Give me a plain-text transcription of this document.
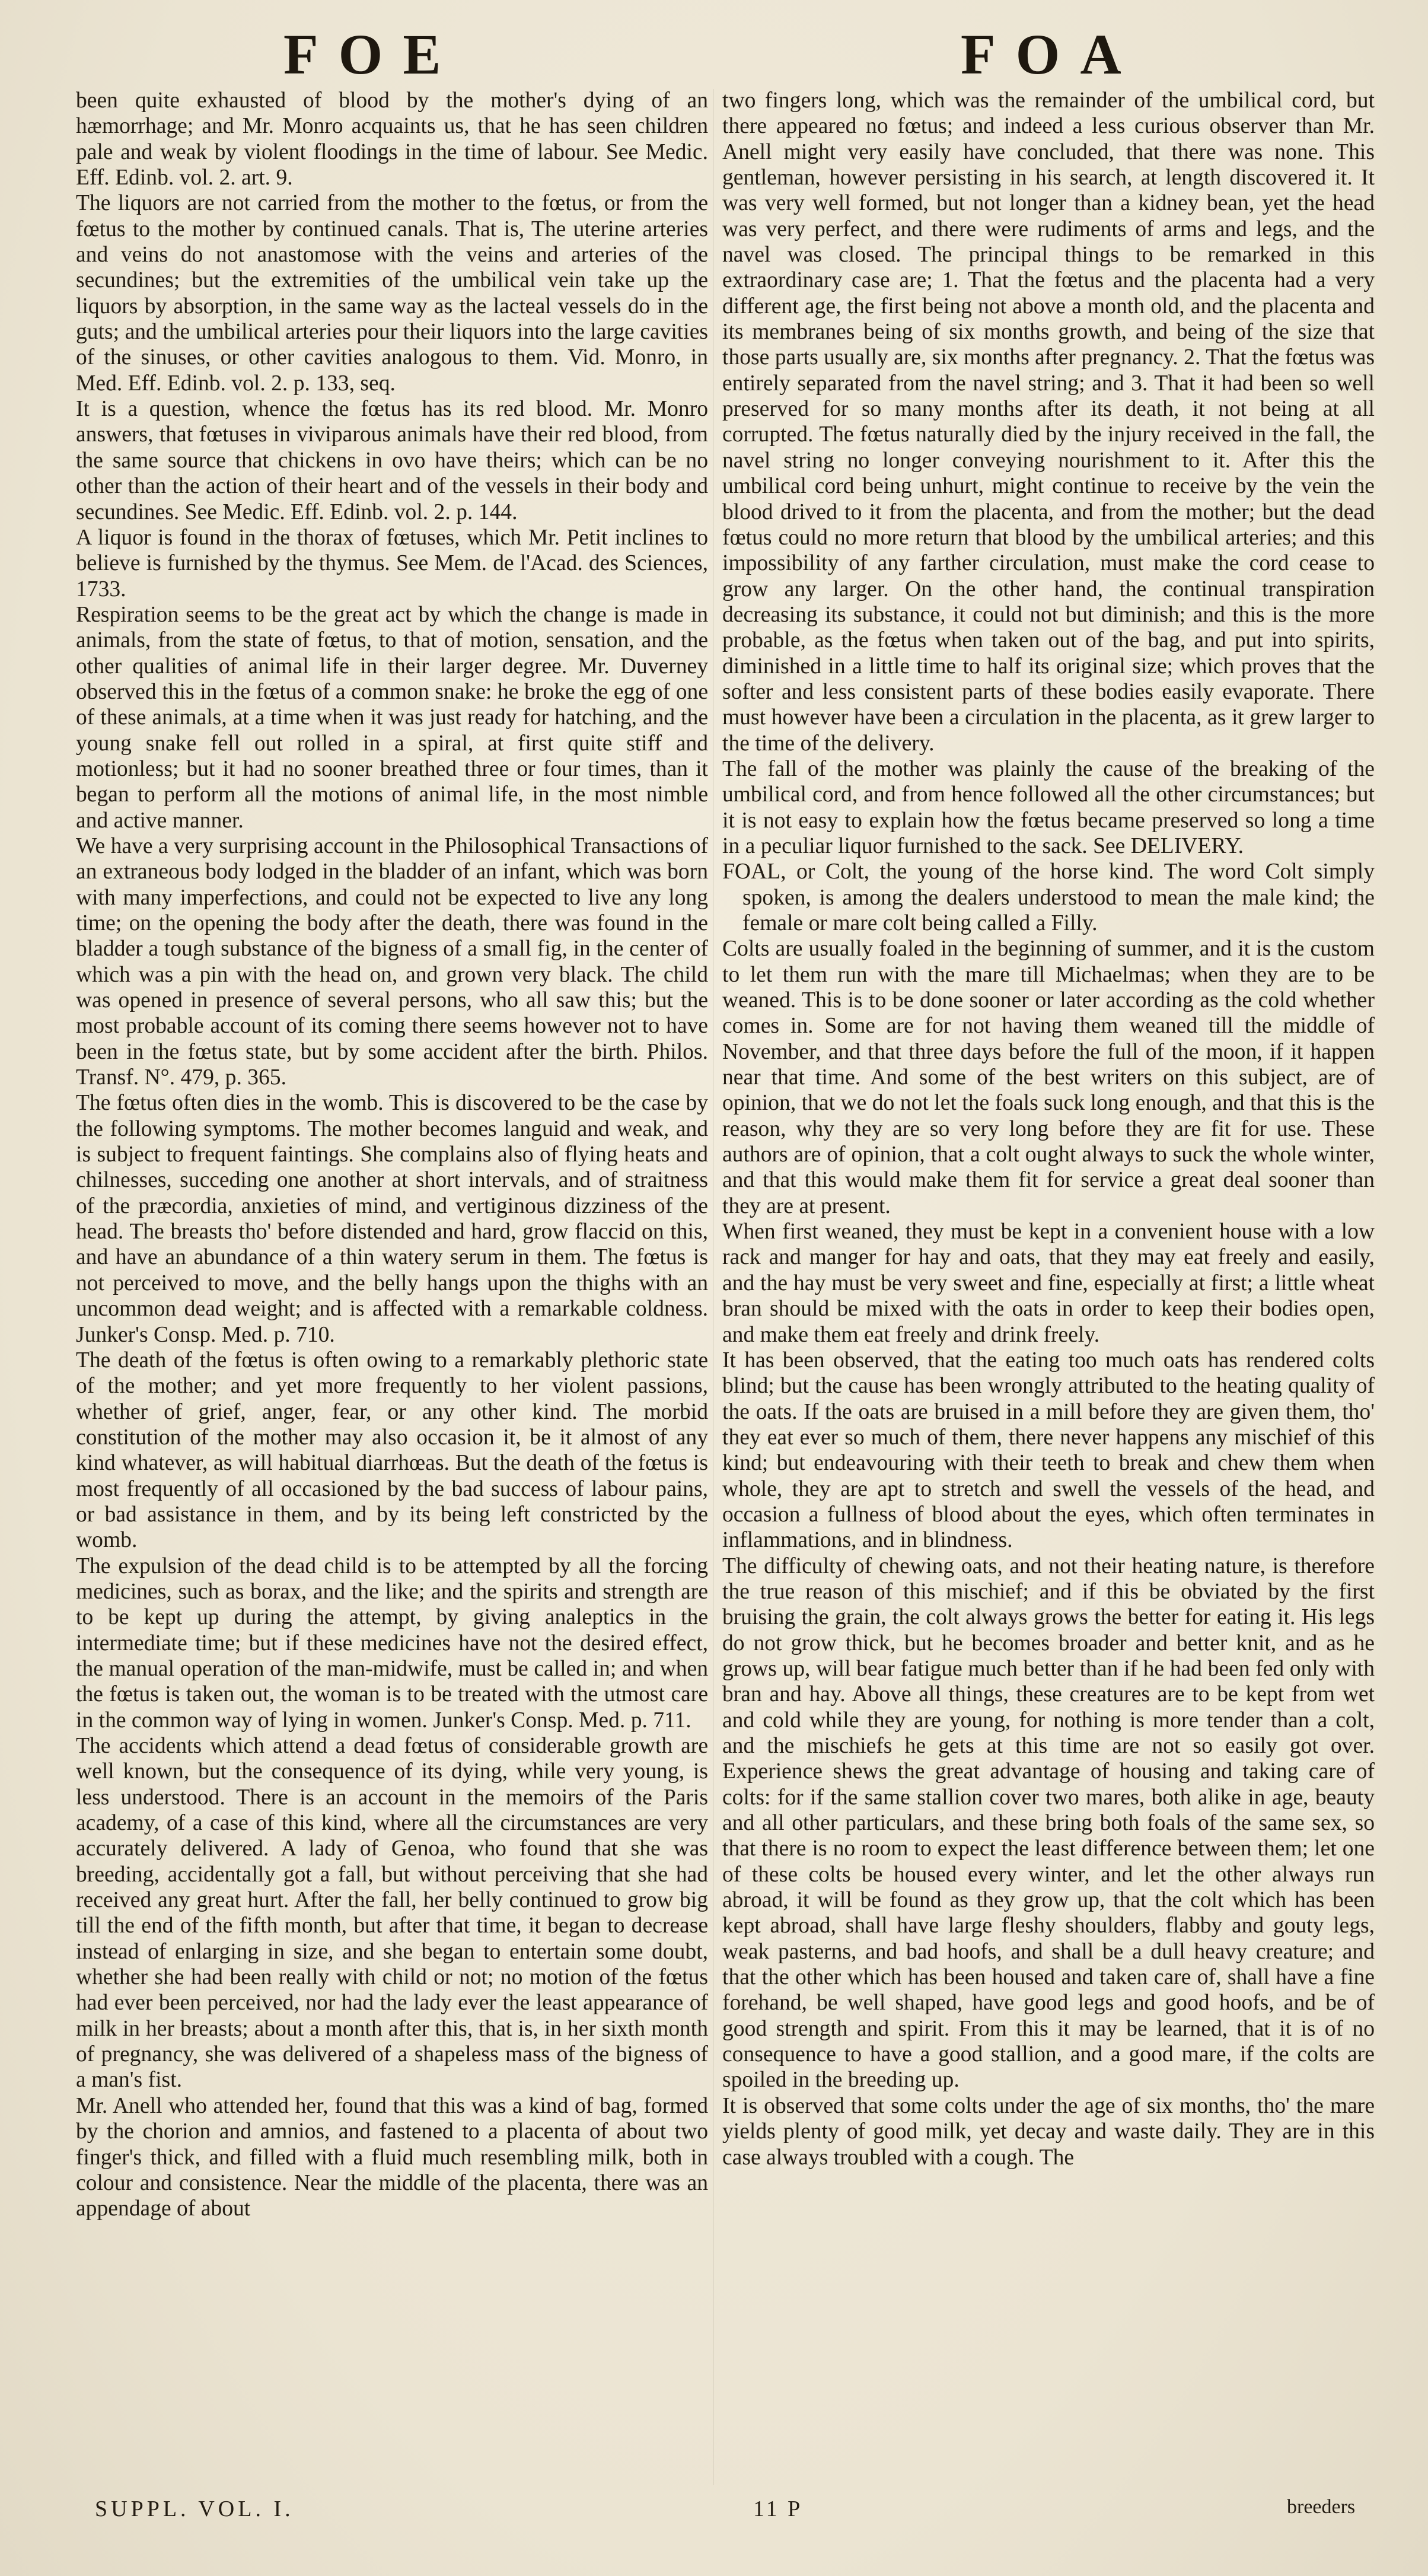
FOE	FOA

been quite exhausted of blood by the mother's dying of an hæmorrhage; and Mr. Monro acquaints us, that he has seen children pale and weak by violent floodings in the time of labour. See Medic. Eff. Edinb. vol. 2. art. 9.

The liquors are not carried from the mother to the fœtus, or from the fœtus to the mother by continued canals. That is, The uterine arteries and veins do not anastomose with the veins and arteries of the secundines; but the extremities of the umbilical vein take up the liquors by absorption, in the same way as the lacteal vessels do in the guts; and the umbilical arteries pour their liquors into the large cavities of the sinuses, or other cavities analogous to them. Vid. Monro, in Med. Eff. Edinb. vol. 2. p. 133, seq.

It is a question, whence the fœtus has its red blood. Mr. Monro answers, that fœtuses in viviparous animals have their red blood, from the same source that chickens in ovo have theirs; which can be no other than the action of their heart and of the vessels in their body and secundines. See Medic. Eff. Edinb. vol. 2. p. 144.

A liquor is found in the thorax of fœtuses, which Mr. Petit inclines to believe is furnished by the thymus. See Mem. de l'Acad. des Sciences, 1733.

Respiration seems to be the great act by which the change is made in animals, from the state of fœtus, to that of motion, sensation, and the other qualities of animal life in their larger degree. Mr. Duverney observed this in the fœtus of a common snake: he broke the egg of one of these animals, at a time when it was just ready for hatching, and the young snake fell out rolled in a spiral, at first quite stiff and motionless; but it had no sooner breathed three or four times, than it began to perform all the motions of animal life, in the most nimble and active manner.

We have a very surprising account in the Philosophical Transactions of an extraneous body lodged in the bladder of an infant, which was born with many imperfections, and could not be expected to live any long time; on the opening the body after the death, there was found in the bladder a tough substance of the bigness of a small fig, in the center of which was a pin with the head on, and grown very black. The child was opened in presence of several persons, who all saw this; but the most probable account of its coming there seems however not to have been in the fœtus state, but by some accident after the birth. Philos. Transf. N°. 479, p. 365.

The fœtus often dies in the womb. This is discovered to be the case by the following symptoms. The mother becomes languid and weak, and is subject to frequent faintings. She complains also of flying heats and chilnesses, succeding one another at short intervals, and of straitness of the præcordia, anxieties of mind, and vertiginous dizziness of the head. The breasts tho' before distended and hard, grow flaccid on this, and have an abundance of a thin watery serum in them. The fœtus is not perceived to move, and the belly hangs upon the thighs with an uncommon dead weight; and is affected with a remarkable coldness. Junker's Consp. Med. p. 710.

The death of the fœtus is often owing to a remarkably plethoric state of the mother; and yet more frequently to her violent passions, whether of grief, anger, fear, or any other kind. The morbid constitution of the mother may also occasion it, be it almost of any kind whatever, as will habitual diarrhœas. But the death of the fœtus is most frequently of all occasioned by the bad success of labour pains, or bad assistance in them, and by its being left constricted by the womb.

The expulsion of the dead child is to be attempted by all the forcing medicines, such as borax, and the like; and the spirits and strength are to be kept up during the attempt, by giving analeptics in the intermediate time; but if these medicines have not the desired effect, the manual operation of the man-midwife, must be called in; and when the fœtus is taken out, the woman is to be treated with the utmost care in the common way of lying in women. Junker's Consp. Med. p. 711.

The accidents which attend a dead fœtus of considerable growth are well known, but the consequence of its dying, while very young, is less understood. There is an account in the memoirs of the Paris academy, of a case of this kind, where all the circumstances are very accurately delivered. A lady of Genoa, who found that she was breeding, accidentally got a fall, but without perceiving that she had received any great hurt. After the fall, her belly continued to grow big till the end of the fifth month, but after that time, it began to decrease instead of enlarging in size, and she began to entertain some doubt, whether she had been really with child or not; no motion of the fœtus had ever been perceived, nor had the lady ever the least appearance of milk in her breasts; about a month after this, that is, in her sixth month of pregnancy, she was delivered of a shapeless mass of the bigness of a man's fist.

Mr. Anell who attended her, found that this was a kind of bag, formed by the chorion and amnios, and fastened to a placenta of about two finger's thick, and filled with a fluid much resembling milk, both in colour and consistence. Near the middle of the placenta, there was an appendage of about

two fingers long, which was the remainder of the umbilical cord, but there appeared no fœtus; and indeed a less curious observer than Mr. Anell might very easily have concluded, that there was none. This gentleman, however persisting in his search, at length discovered it. It was very well formed, but not longer than a kidney bean, yet the head was very perfect, and there were rudiments of arms and legs, and the navel was closed. The principal things to be remarked in this extraordinary case are; 1. That the fœtus and the placenta had a very different age, the first being not above a month old, and the placenta and its membranes being of six months growth, and being of the size that those parts usually are, six months after pregnancy. 2. That the fœtus was entirely separated from the navel string; and 3. That it had been so well preserved for so many months after its death, it not being at all corrupted. The fœtus naturally died by the injury received in the fall, the navel string no longer conveying nourishment to it. After this the umbilical cord being unhurt, might continue to receive by the vein the blood drived to it from the placenta, and from the mother; but the dead fœtus could no more return that blood by the umbilical arteries; and this impossibility of any farther circulation, must make the cord cease to grow any larger. On the other hand, the continual transpiration decreasing its substance, it could not but diminish; and this is the more probable, as the fœtus when taken out of the bag, and put into spirits, diminished in a little time to half its original size; which proves that the softer and less consistent parts of these bodies easily evaporate. There must however have been a circulation in the placenta, as it grew larger to the time of the delivery.

The fall of the mother was plainly the cause of the breaking of the umbilical cord, and from hence followed all the other circumstances; but it is not easy to explain how the fœtus became preserved so long a time in a peculiar liquor furnished to the sack. See DELIVERY.

FOAL, or Colt, the young of the horse kind. The word Colt simply spoken, is among the dealers understood to mean the male kind; the female or mare colt being called a Filly.

Colts are usually foaled in the beginning of summer, and it is the custom to let them run with the mare till Michaelmas; when they are to be weaned. This is to be done sooner or later according as the cold whether comes in. Some are for not having them weaned till the middle of November, and that three days before the full of the moon, if it happen near that time. And some of the best writers on this subject, are of opinion, that we do not let the foals suck long enough, and that this is the reason, why they are so very long before they are fit for use. These authors are of opinion, that a colt ought always to suck the whole winter, and that this would make them fit for service a great deal sooner than they are at present.

When first weaned, they must be kept in a convenient house with a low rack and manger for hay and oats, that they may eat freely and easily, and the hay must be very sweet and fine, especially at first; a little wheat bran should be mixed with the oats in order to keep their bodies open, and make them eat freely and drink freely.

It has been observed, that the eating too much oats has rendered colts blind; but the cause has been wrongly attributed to the heating quality of the oats. If the oats are bruised in a mill before they are given them, tho' they eat ever so much of them, there never happens any mischief of this kind; but endeavouring with their teeth to break and chew them when whole, they are apt to stretch and swell the vessels of the head, and occasion a fullness of blood about the eyes, which often terminates in inflammations, and in blindness.

The difficulty of chewing oats, and not their heating nature, is therefore the true reason of this mischief; and if this be obviated by the first bruising the grain, the colt always grows the better for eating it. His legs do not grow thick, but he becomes broader and better knit, and as he grows up, will bear fatigue much better than if he had been fed only with bran and hay. Above all things, these creatures are to be kept from wet and cold while they are young, for nothing is more tender than a colt, and the mischiefs he gets at this time are not so easily got over. Experience shews the great advantage of housing and taking care of colts: for if the same stallion cover two mares, both alike in age, beauty and all other particulars, and these bring both foals of the same sex, so that there is no room to expect the least difference between them; let one of these colts be housed every winter, and let the other always run abroad, it will be found as they grow up, that the colt which has been kept abroad, shall have large fleshy shoulders, flabby and gouty legs, weak pasterns, and bad hoofs, and shall be a dull heavy creature; and that the other which has been housed and taken care of, shall have a fine forehand, be well shaped, have good legs and good hoofs, and be of good strength and spirit. From this it may be learned, that it is of no consequence to have a good stallion, and a good mare, if the colts are spoiled in the breeding up.

It is observed that some colts under the age of six months, tho' the mare yields plenty of good milk, yet decay and waste daily. They are in this case always troubled with a cough. The

SUPPL. VOL. I.	11 P	breeders
